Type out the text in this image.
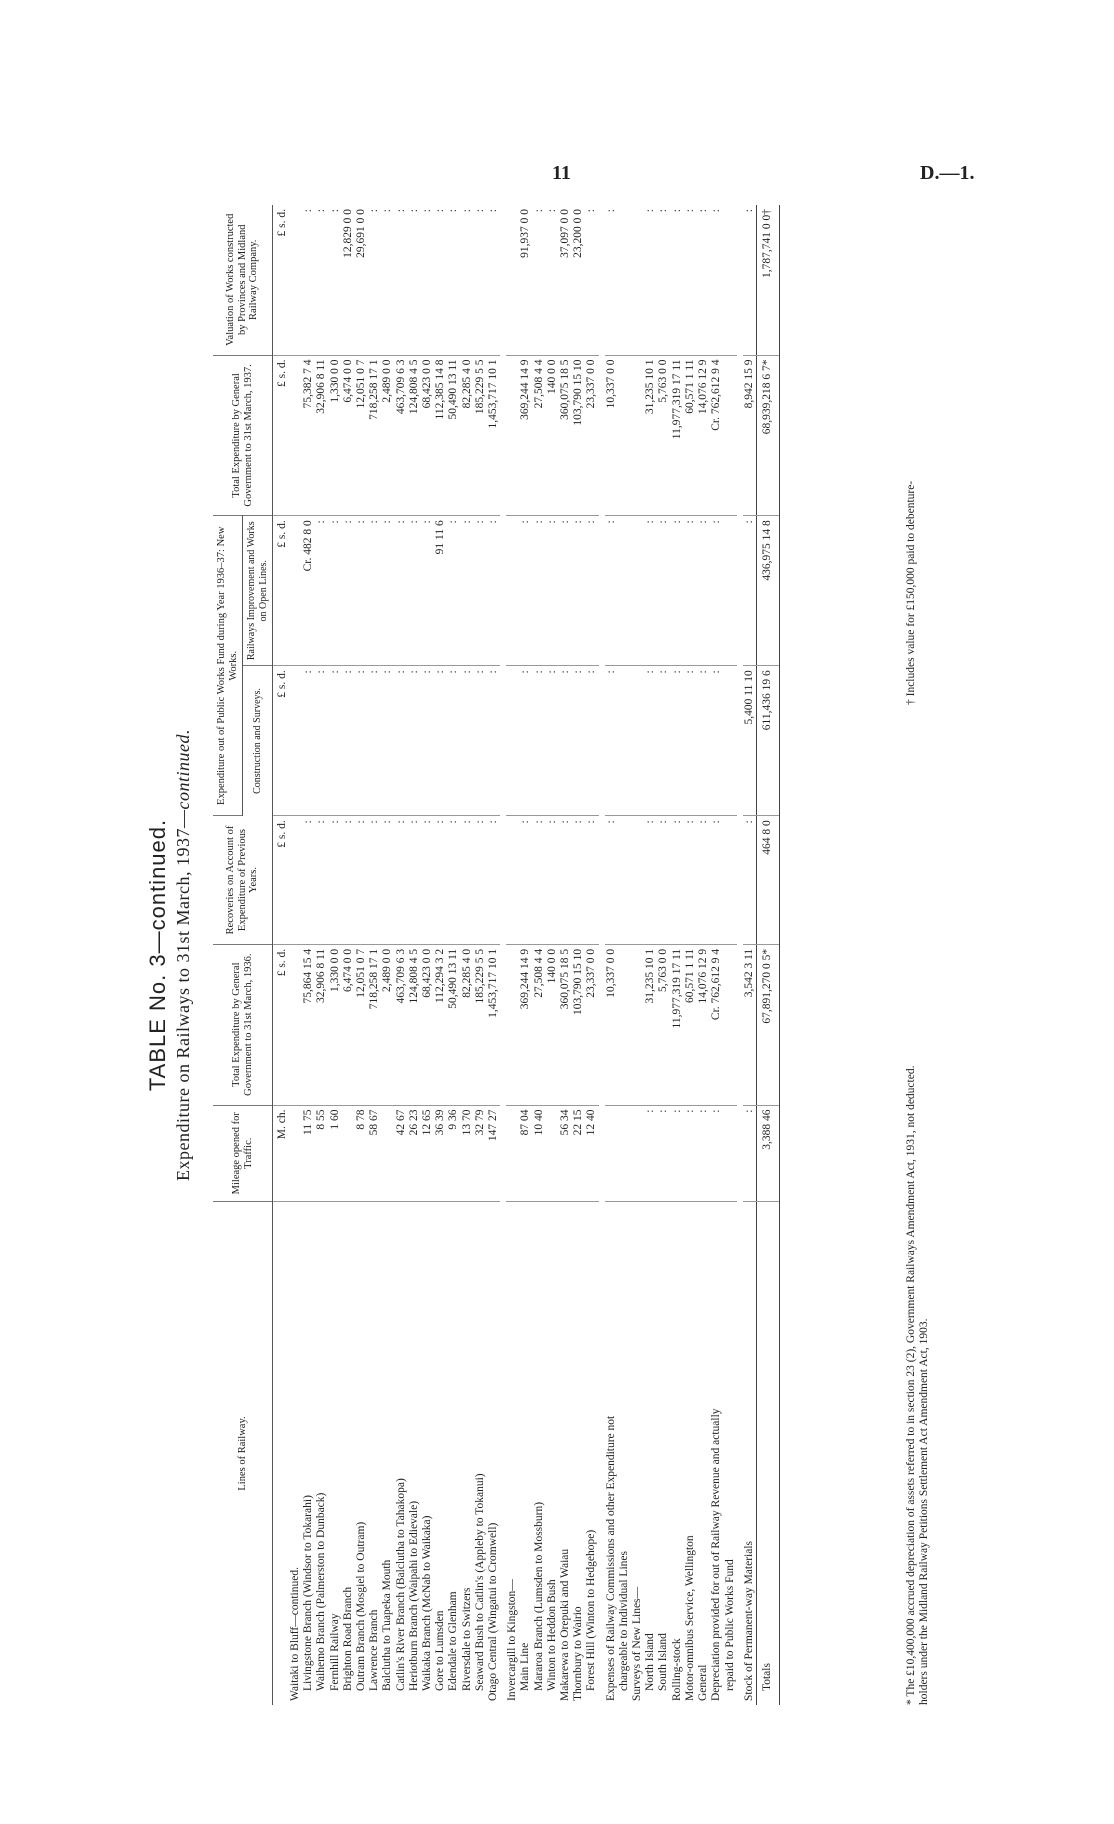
11	D.—1.
TABLE No. 3—continued. Expenditure on Railways to 31st March, 1937—continued.
Lines of Railway.	Mileage opened for Traffic.	Total Expenditure by General Government to 31st March, 1936.	Recoveries on Account of Expenditure of Previous Years.	Expenditure out of Public Works Fund during Year 1936–37: New Works.		Total Expenditure by General Government to 31st March, 1937.	Valuation of Works constructed by Provinces and Midland Railway Company.
				Construction and Surveys.	Railways Improvement and Works on Open Lines.		
	M. ch.	£ s. d.	£ s. d.	£ s. d.	£ s. d.	£ s. d.	£ s. d.
Waitaki to Bluff—continued.							
Livingstone Branch (Windsor to Tokarahi)	11 75	75,864 15 4	:	:	Cr. 482 8 0	75,382 7 4	:
Waihemo Branch (Palmerston to Dunback)	8 55	32,906 8 11	:	:	:	32,906 8 11	:
Fernhill Railway	1 60	1,330 0 0	:	:	:	1,330 0 0	:
Brighton Road Branch		6,474 0 0	:	:	:	6,474 0 0	12,829 0 0
Outram Branch (Mosgiel to Outram)	8 78	12,051 0 7	:	:	:	12,051 0 7	29,691 0 0
Lawrence Branch	58 67	718,258 17 1	:	:	:	718,258 17 1	:
Balclutha to Tuapeka Mouth		2,489 0 0	:	:	:	2,489 0 0	:
Catlin's River Branch (Balclutha to Tahakopa)	42 67	463,709 6 3	:	:	:	463,709 6 3	:
Heriotburn Branch (Waipahi to Edievale)	26 23	124,808 4 5	:	:	:	124,808 4 5	:
Waikaka Branch (McNab to Waikaka)	12 65	68,423 0 0	:	:	:	68,423 0 0	:
Gore to Lumsden	36 39	112,294 3 2	:	:	91 11 6	112,385 14 8	:
Edendale to Glenham	9 36	50,490 13 11	:	:	:	50,490 13 11	:
Riversdale to Switzers	13 70	82,285 4 0	:	:	:	82,285 4 0	:
Seaward Bush to Catlin's (Appleby to Tokanui)	32 79	185,229 5 5	:	:	:	185,229 5 5	:
Otago Central (Wingatui to Cromwell)	147 27	1,453,717 10 1	:	:	:	1,453,717 10 1	:

Invercargill to Kingston—							
Main Line	87 04	369,244 14 9	:	:	:	369,244 14 9	91,937 0 0
Mararoa Branch (Lumsden to Mossburn)	10 40	27,508 4 4	:	:	:	27,508 4 4	:
Winton to Heddon Bush		140 0 0	:	:	:	140 0 0	:
Makarewa to Orepuki and Waiau	56 34	360,075 18 5	:	:	:	360,075 18 5	37,097 0 0
Thornbury to Wairio	22 15	103,790 15 10	:	:	:	103,790 15 10	23,200 0 0
Forest Hill (Winton to Hedgehope)	12 40	23,337 0 0	:	:	:	23,337 0 0	:

Expenses of Railway Commissions and other Expenditure not		10,337 0 0	:	:	:	10,337 0 0	:
chargeable to Individual Lines							
Surveys of New Lines—							
North Island	:	31,235 10 1	:	:	:	31,235 10 1	:
South Island	:	5,763 0 0	:	:	:	5,763 0 0	:
Rolling-stock	:	11,977,319 17 11	:	:	:	11,977,319 17 11	:
Motor-omnibus Service, Wellington	:	60,571 1 11	:	:	:	60,571 1 11	:
General	:	14,076 12 9	:	:	:	14,076 12 9	:
Depreciation provided for out of Railway Revenue and actually	:	Cr. 762,612 9 4	:	:	:	Cr. 762,612 9 4	:
repaid to Public Works Fund							

Stock of Permanent-way Materials	:	3,542 3 11	:	5,400 11 10	:	8,942 15 9	:
Totals	3,388 46	67,891,270 0 5*	464 8 0	611,436 19 6	436,975 14 8	68,939,218 6 7*	1,787,741 0 0†
* The £10,400,000 accrued depreciation of assets referred to in section 23 (2), Government Railways Amendment Act, 1931, not deducted. holders under the Midland Railway Petitions Settlement Act Amendment Act, 1903.
† Includes value for £150,000 paid to debenture-
